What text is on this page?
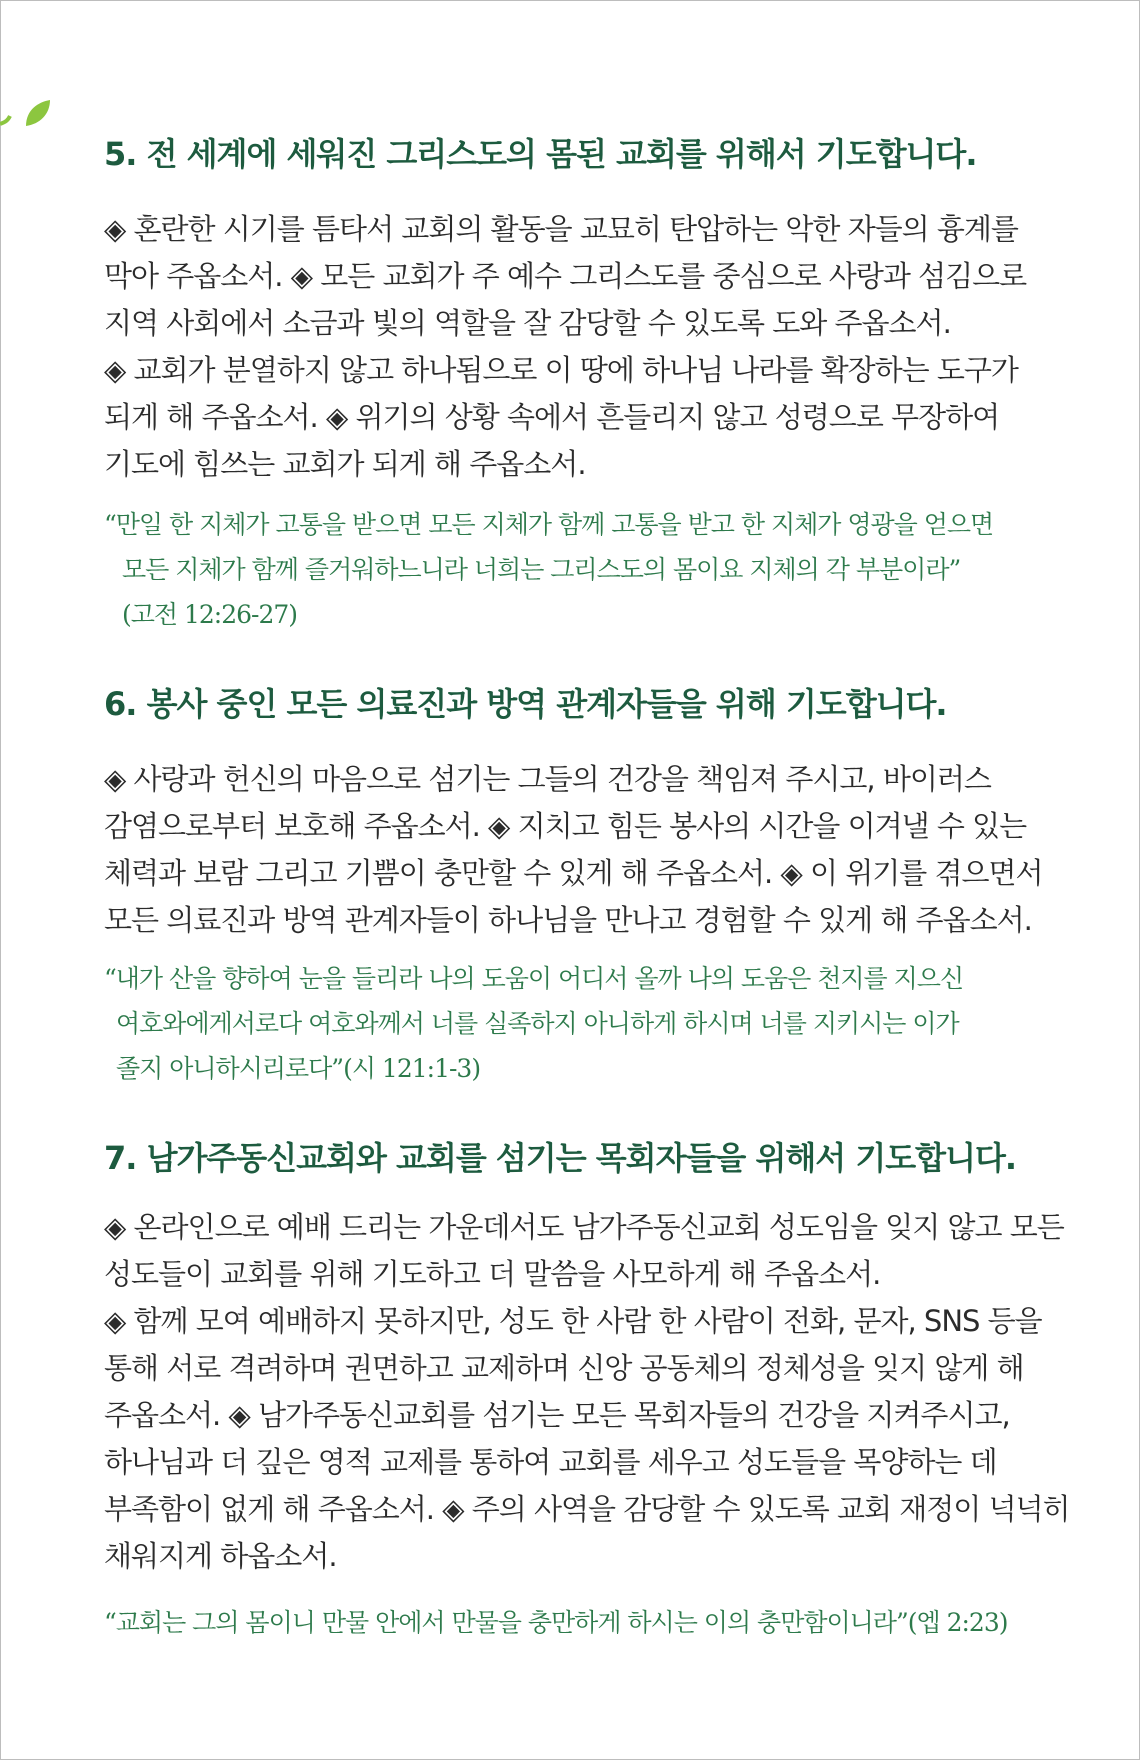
5. 전 세계에 세워진 그리스도의 몸된 교회를 위해서 기도합니다.
◈ 혼란한 시기를 틈타서 교회의 활동을 교묘히 탄압하는 악한 자들의 흉계를
막아 주옵소서. ◈ 모든 교회가 주 예수 그리스도를 중심으로 사랑과 섬김으로
지역 사회에서 소금과 빛의 역할을 잘 감당할 수 있도록 도와 주옵소서.
◈ 교회가 분열하지 않고 하나됨으로 이 땅에 하나님 나라를 확장하는 도구가
되게 해 주옵소서. ◈ 위기의 상황 속에서 흔들리지 않고 성령으로 무장하여
기도에 힘쓰는 교회가 되게 해 주옵소서.
“만일 한 지체가 고통을 받으면 모든 지체가 함께 고통을 받고 한 지체가 영광을 얻으면
모든 지체가 함께 즐거워하느니라 너희는 그리스도의 몸이요 지체의 각 부분이라”
(고전 12:26-27)
6. 봉사 중인 모든 의료진과 방역 관계자들을 위해 기도합니다.
◈ 사랑과 헌신의 마음으로 섬기는 그들의 건강을 책임져 주시고, 바이러스
감염으로부터 보호해 주옵소서. ◈ 지치고 힘든 봉사의 시간을 이겨낼 수 있는
체력과 보람 그리고 기쁨이 충만할 수 있게 해 주옵소서. ◈ 이 위기를 겪으면서
모든 의료진과 방역 관계자들이 하나님을 만나고 경험할 수 있게 해 주옵소서.
“내가 산을 향하여 눈을 들리라 나의 도움이 어디서 올까 나의 도움은 천지를 지으신
여호와에게서로다 여호와께서 너를 실족하지 아니하게 하시며 너를 지키시는 이가
졸지 아니하시리로다”(시 121:1-3)
7. 남가주동신교회와 교회를 섬기는 목회자들을 위해서 기도합니다.
◈ 온라인으로 예배 드리는 가운데서도 남가주동신교회 성도임을 잊지 않고 모든
성도들이 교회를 위해 기도하고 더 말씀을 사모하게 해 주옵소서.
◈ 함께 모여 예배하지 못하지만, 성도 한 사람 한 사람이 전화, 문자, SNS 등을
통해 서로 격려하며 권면하고 교제하며 신앙 공동체의 정체성을 잊지 않게 해
주옵소서. ◈ 남가주동신교회를 섬기는 모든 목회자들의 건강을 지켜주시고,
하나님과 더 깊은 영적 교제를 통하여 교회를 세우고 성도들을 목양하는 데
부족함이 없게 해 주옵소서. ◈ 주의 사역을 감당할 수 있도록 교회 재정이 넉넉히
채워지게 하옵소서.
“교회는 그의 몸이니 만물 안에서 만물을 충만하게 하시는 이의 충만함이니라”(엡 2:23)
